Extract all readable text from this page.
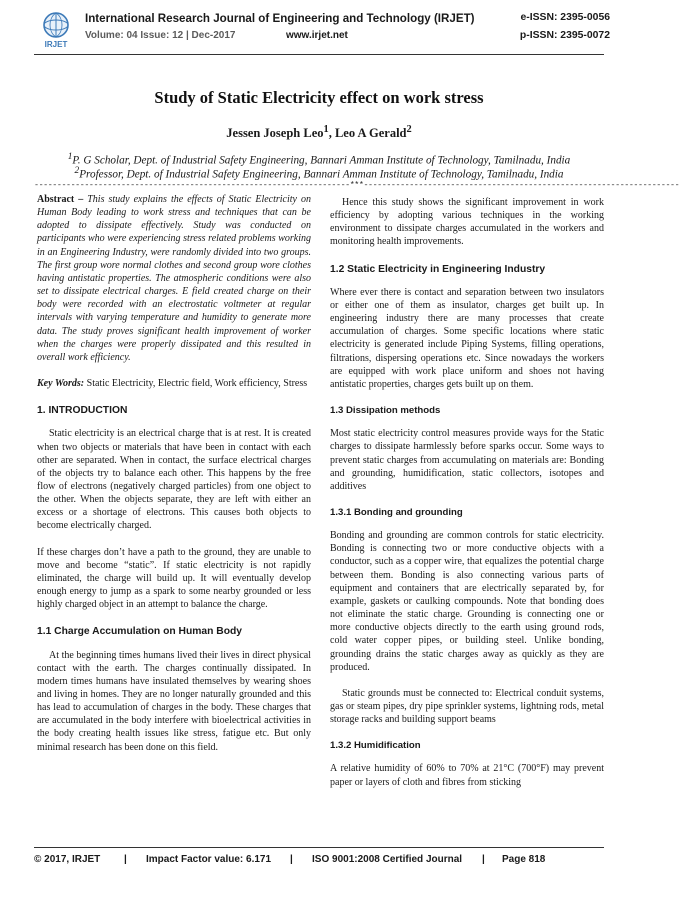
IRJET
International Research Journal of Engineering and Technology (IRJET)	e-ISSN: 2395-0056
Volume: 04 Issue: 12 | Dec-2017	www.irjet.net	p-ISSN: 2395-0072
Study of Static Electricity effect on work stress
Jessen Joseph Leo$^1$, Leo A Gerald$^2$
$^1$P. G Scholar, Dept. of Industrial Safety Engineering, Bannari Amman Institute of Technology, Tamilnadu, India
$^2$Professor, Dept. of Industrial Safety Engineering, Bannari Amman Institute of Technology, Tamilnadu, India
---------------------------------------------------------------------***---------------------------------------------------------------------

Abstract – This study explains the effects of Static Electricity on Human Body leading to work stress and techniques that can be adopted to dissipate effectively. Study was conducted on participants who were experiencing stress related problems working in an Engineering Industry, were randomly divided into two groups. The first group wore normal clothes and second group wore clothes having antistatic properties. The atmospheric conditions were also set to dissipate electrical charges. E field created charge on their body were recorded with an electrostatic voltmeter at regular intervals with varying temperature and humidity to generate more data. The study proves significant health improvement of worker when the charges were properly dissipated and this resulted in overall work efficiency.

Key Words: Static Electricity, Electric field, Work efficiency, Stress

1. INTRODUCTION

Static electricity is an electrical charge that is at rest. It is created when two objects or materials that have been in contact with each other are separated. When in contact, the surface electrical charges of the objects try to balance each other. This happens by the free flow of electrons (negatively charged particles) from one object to the other. When the objects separate, they are left with either an excess or a shortage of electrons. This causes both objects to become electrically charged.

If these charges don’t have a path to the ground, they are unable to move and become “static”. If static electricity is not rapidly eliminated, the charge will build up. It will eventually develop enough energy to jump as a spark to some nearby grounded or less highly charged object in an attempt to balance the charge.

1.1 Charge Accumulation on Human Body

At the beginning times humans lived their lives in direct physical contact with the earth. The charges continually dissipated. In modern times humans have insulated themselves by wearing shoes and living in homes. They are no longer naturally grounded and this has lead to accumulation of charges in the body. These charges that are accumulated in the body interfere with bioelectrical activities in the body creating health issues like stress, fatigue etc. But only minimal research has been done on this field.

Hence this study shows the significant improvement in work efficiency by adopting various techniques in the working environment to dissipate charges accumulated in the workers and monitoring health improvements.

1.2 Static Electricity in Engineering Industry

Where ever there is contact and separation between two insulators or either one of them as insulator, charges get built up. In engineering industry there are many processes that create accumulation of charges. Some specific locations where static electricity is generated include Piping Systems, filling operations, filtrations, dispersing operations etc. Since nowadays the workers are equipped with work place uniform and shoes not having antistatic properties, charges gets built up on them.

1.3 Dissipation methods

Most static electricity control measures provide ways for the Static charges to dissipate harmlessly before sparks occur. Some ways to prevent static charges from accumulating on materials are: Bonding and grounding, humidification, static collectors, isotopes and additives

1.3.1 Bonding and grounding

Bonding and grounding are common controls for static electricity. Bonding is connecting two or more conductive objects with a conductor, such as a copper wire, that equalizes the potential charge between them. Bonding is also connecting various parts of equipment and containers that are electrically separated by, for example, gaskets or caulking compounds. Note that bonding does not eliminate the static charge. Grounding is connecting one or more conductive objects directly to the earth using ground rods, cold water copper pipes, or building steel. Unlike bonding, grounding drains the static charges away as quickly as they are produced.

Static grounds must be connected to: Electrical conduit systems, gas or steam pipes, dry pipe sprinkler systems, lightning rods, metal storage racks and building support beams

1.3.2 Humidification

A relative humidity of 60% to 70% at 21°C (700°F) may prevent paper or layers of cloth and fibres from sticking

© 2017, IRJET | Impact Factor value: 6.171 | ISO 9001:2008 Certified Journal | Page 818
